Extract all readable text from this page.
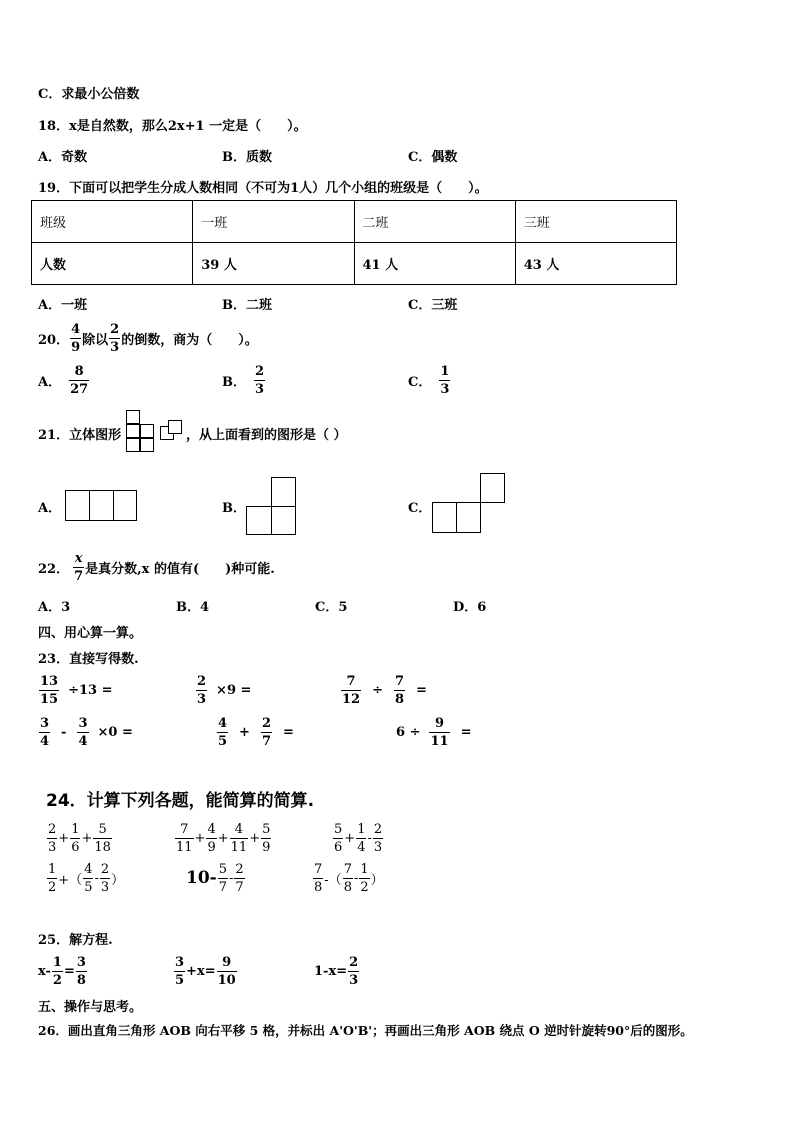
C．求最小公倍数
18．x是自然数，那么2x+1 一定是（　　）。
A．奇数	B．质数	C．偶数
19．下面可以把学生分成人数相同（不可为1人）几个小组的班级是（　　）。
班级	一班	二班	三班
人数	39 人	41 人	43 人
A．一班	B．二班	C．三班
20． $\frac{4}{9}$ 除以 $\frac{2}{3}$ 的倒数，商为（　　）。
A． $\frac{8}{27}$	B． $\frac{2}{3}$	C． $\frac{1}{3}$
21．立体图形	，从上面看到的图形是（ ）
A．	B．	C．
22． $\frac{x}{7}$ 是真分数,x 的值有(　　)种可能.
A．3	B．4	C．5	D．6
四、用心算一算。
23．直接写得数.
$\frac{13}{15} \div 13$ =	$\frac{2}{3} \times 9$ =	$\frac{7}{12} \div \frac{7}{8}$ =
$\frac{3}{4} - \frac{3}{4} \times 0$ =	$\frac{4}{5} + \frac{2}{7}$ =	$6 \div \frac{9}{11}$ =
24．计算下列各题，能简算的简算.
$\frac{2}{3} + \frac{1}{6} + \frac{5}{18}$	$\frac{7}{11} + \frac{4}{9} + \frac{4}{11} + \frac{5}{9}$	$\frac{5}{6} + \frac{1}{4} - \frac{2}{3}$
$\frac{1}{2}$ +（ $\frac{4}{5} - \frac{2}{3}$ ）	$10- \frac{5}{7} - \frac{2}{7}$	$\frac{7}{8}$ -（ $\frac{7}{8} - \frac{1}{2}$ ）
25．解方程.
$x- \frac{1}{2} = \frac{3}{8}$	$\frac{3}{5} +x= \frac{9}{10}$	$1-x= \frac{2}{3}$
五、操作与思考。
26．画出直角三角形 AOB 向右平移 5 格，并标出 A'O'B'；再画出三角形 AOB 绕点 O 逆时针旋转90°后的图形。
